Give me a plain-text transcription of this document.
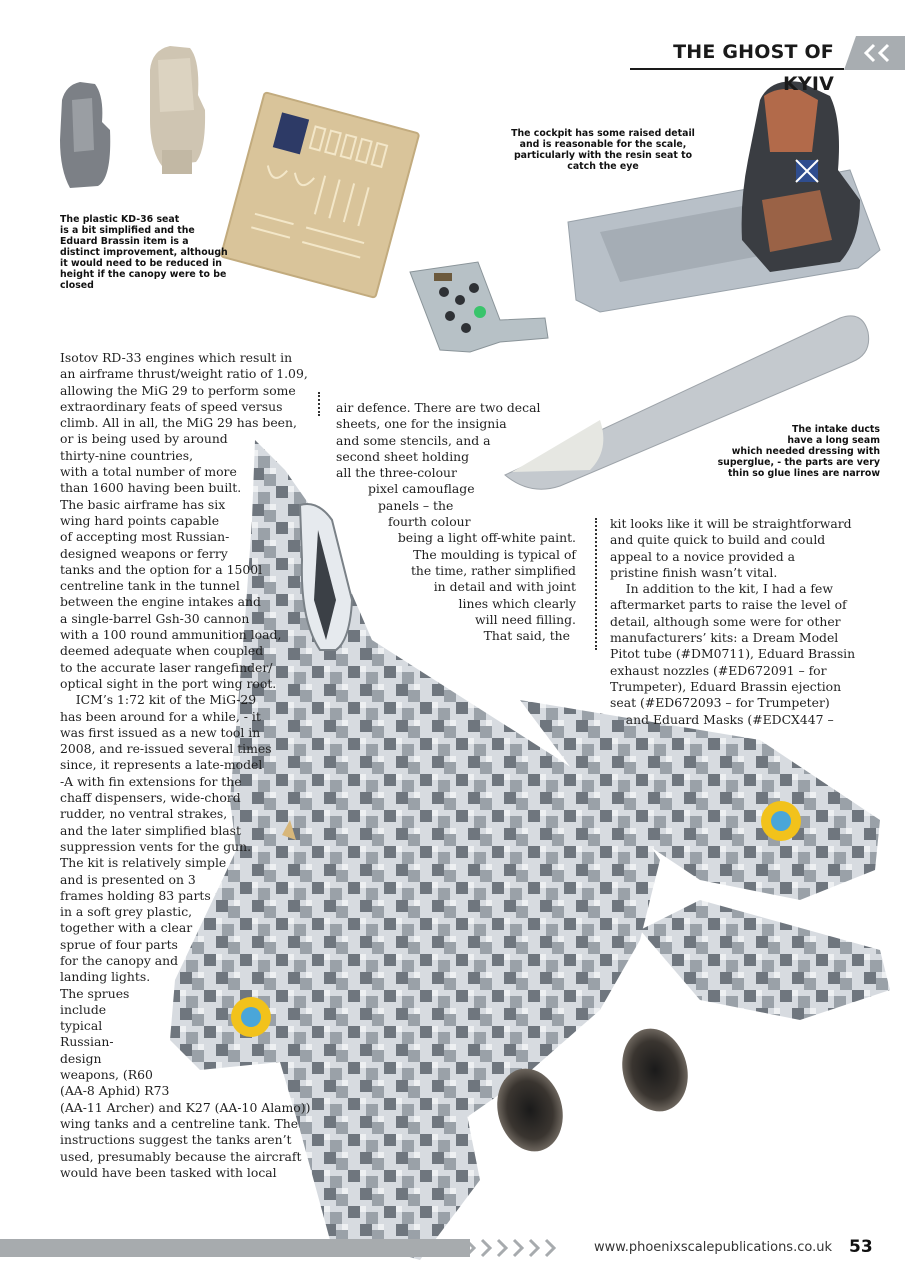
THE GHOST OF KYIV
The plastic KD-36 seat
is a bit simplified and the
Eduard Brassin item is a
distinct improvement, although
it would need to be reduced in
height if the canopy were to be
closed
The cockpit has some raised detail
and is reasonable for the scale,
particularly with the resin seat to
catch the eye
The intake ducts
have a long seam
which needed dressing with
superglue, - the parts are very
thin so glue lines are narrow
Isotov RD-33 engines which result in
an airframe thrust/weight ratio of 1.09,
allowing the MiG 29 to perform some
extraordinary feats of speed versus
climb. All in all, the MiG 29 has been,
or is being used by around
thirty-nine countries,
with a total number of more
than 1600 having been built.
The basic airframe has six
wing hard points capable
of accepting most Russian-
designed weapons or ferry
tanks and the option for a 1500l
centreline tank in the tunnel
between the engine intakes and
a single-barrel Gsh-30 cannon
with a 100 round ammunition load,
deemed adequate when coupled
to the accurate laser rangefinder/
optical sight in the port wing root.
ICM’s 1:72 kit of the MiG-29
has been around for a while, - it
was first issued as a new tool in
2008, and re-issued several times
since, it represents a late-model
-A with fin extensions for the
chaff dispensers, wide-chord
rudder, no ventral strakes,
and the later simplified blast
suppression vents for the gun.
The kit is relatively simple
and is presented on 3
frames holding 83 parts
in a soft grey plastic,
together with a clear
sprue of four parts
for the canopy and
landing lights.
The sprues
include
typical
Russian-
design
weapons, (R60
(AA-8 Aphid) R73
(AA-11 Archer) and K27 (AA-10 Alamo))
wing tanks and a centreline tank. The
instructions suggest the tanks aren’t
used, presumably because the aircraft
would have been tasked with local
air defence. There are two decal
sheets, one for the insignia
and some stencils, and a
second sheet holding
all the three-colour
pixel camouflage
panels – the
fourth colour
being a light off-white paint.
The moulding is typical of
the time, rather simplified
in detail and with joint
lines which clearly
will need filling.
That said, the
kit looks like it will be straightforward
and quite quick to build and could
appeal to a novice provided a
pristine finish wasn’t vital.
In addition to the kit, I had a few
aftermarket parts to raise the level of
detail, although some were for other
manufacturers’ kits: a Dream Model
Pitot tube (#DM0711), Eduard Brassin
exhaust nozzles (#ED672091 – for
Trumpeter), Eduard Brassin ejection
seat (#ED672093 – for Trumpeter)
and Eduard Masks (#EDCX447 –
www.phoenixscalepublications.co.uk 53
